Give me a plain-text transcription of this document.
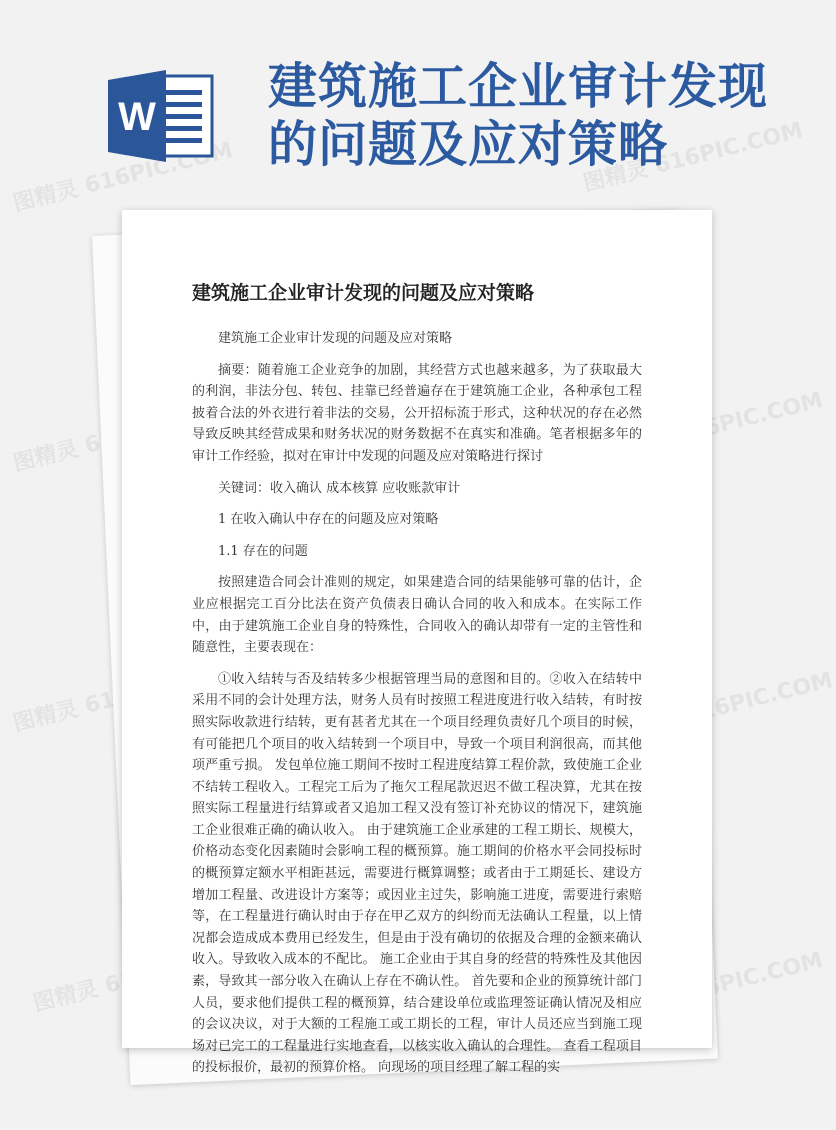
图精灵 616PIC.COM	图精灵 616PIC.COM
图精灵	图精灵 616PIC.COM
图精灵	图精灵 616PIC.COM
图精灵	616PIC.COM
W
建筑施工企业审计发现的问题及应对策略
建筑施工企业审计发现的问题及应对策略

建筑施工企业审计发现的问题及应对策略

摘要：随着施工企业竞争的加剧，其经营方式也越来越多，为了获取最大的利润，非法分包、转包、挂靠已经普遍存在于建筑施工企业，各种承包工程披着合法的外衣进行着非法的交易，公开招标流于形式，这种状况的存在必然导致反映其经营成果和财务状况的财务数据不在真实和准确。笔者根据多年的审计工作经验，拟对在审计中发现的问题及应对策略进行探讨

关键词：收入确认 成本核算 应收账款审计

1 在收入确认中存在的问题及应对策略

1.1 存在的问题

按照建造合同会计准则的规定，如果建造合同的结果能够可靠的估计，企业应根据完工百分比法在资产负债表日确认合同的收入和成本。在实际工作中，由于建筑施工企业自身的特殊性，合同收入的确认却带有一定的主管性和随意性，主要表现在：

①收入结转与否及结转多少根据管理当局的意图和目的。②收入在结转中采用不同的会计处理方法，财务人员有时按照工程进度进行收入结转，有时按照实际收款进行结转，更有甚者尤其在一个项目经理负责好几个项目的时候，有可能把几个项目的收入结转到一个项目中，导致一个项目利润很高，而其他项严重亏损。 发包单位施工期间不按时工程进度结算工程价款，致使施工企业不结转工程收入。工程完工后为了拖欠工程尾款迟迟不做工程决算，尤其在按照实际工程量进行结算或者又追加工程又没有签订补充协议的情况下，建筑施工企业很难正确的确认收入。 由于建筑施工企业承建的工程工期长、规模大，价格动态变化因素随时会影响工程的概预算。施工期间的价格水平会同投标时的概预算定额水平相距甚远，需要进行概算调整；或者由于工期延长、建设方增加工程量、改进设计方案等；或因业主过失，影响施工进度，需要进行索赔等，在工程量进行确认时由于存在甲乙双方的纠纷而无法确认工程量，以上情况都会造成成本费用已经发生，但是由于没有确切的依据及合理的金额来确认收入。导致收入成本的不配比。 施工企业由于其自身的经营的特殊性及其他因素，导致其一部分收入在确认上存在不确认性。 首先要和企业的预算统计部门人员，要求他们提供工程的概预算，结合建设单位或监理签证确认情况及相应的会议决议，对于大额的工程施工或工期长的工程，审计人员还应当到施工现场对已完工的工程量进行实地查看，以核实收入确认的合理性。 查看工程项目的投标报价，最初的预算价格。 向现场的项目经理了解工程的实
